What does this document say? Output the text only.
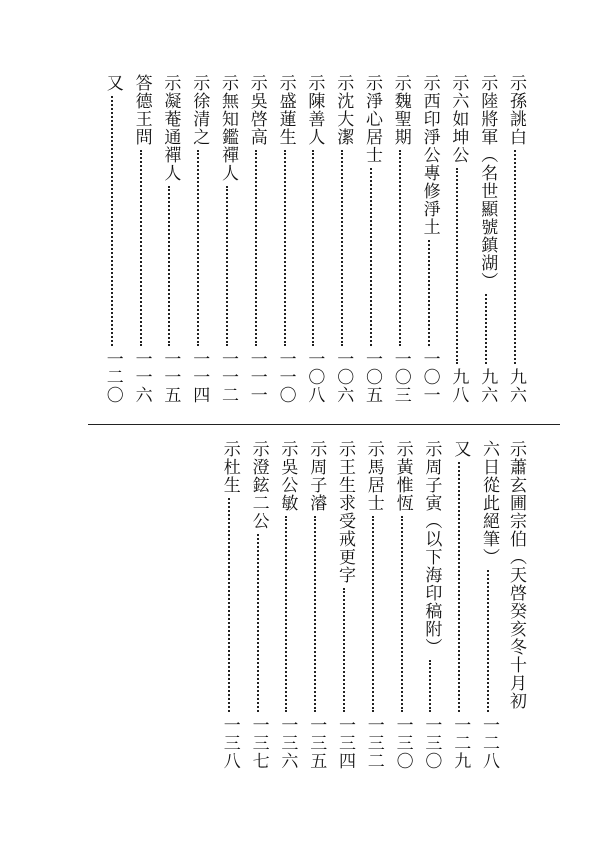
示孫誂白
九六
示陸將軍（名世顯號鎮湖）
九六
示六如坤公
九八
示西印淨公專修淨土
一〇一
示魏聖期
一〇三
示淨心居士
一〇五
示沈大潔
一〇六
示陳善人
一〇八
示盛蓮生
一一〇
示吳啓高
一一一
示無知鑑禪人
一一二
示徐清之
一一四
示凝菴通禪人
一一五
答德王問
一一六
又
一二〇
示蕭玄圃宗伯（天啓癸亥冬十月初
六日從此絕筆）
一二八
又
一二九
示周子寅（以下海印稿附）
一三〇
示黃惟恆
一三〇
示馬居士
一三二
示王生求受戒更字
一三四
示周子濬
一三五
示吳公敏
一三六
示澄鉉二公
一三七
示杜生
一三八
